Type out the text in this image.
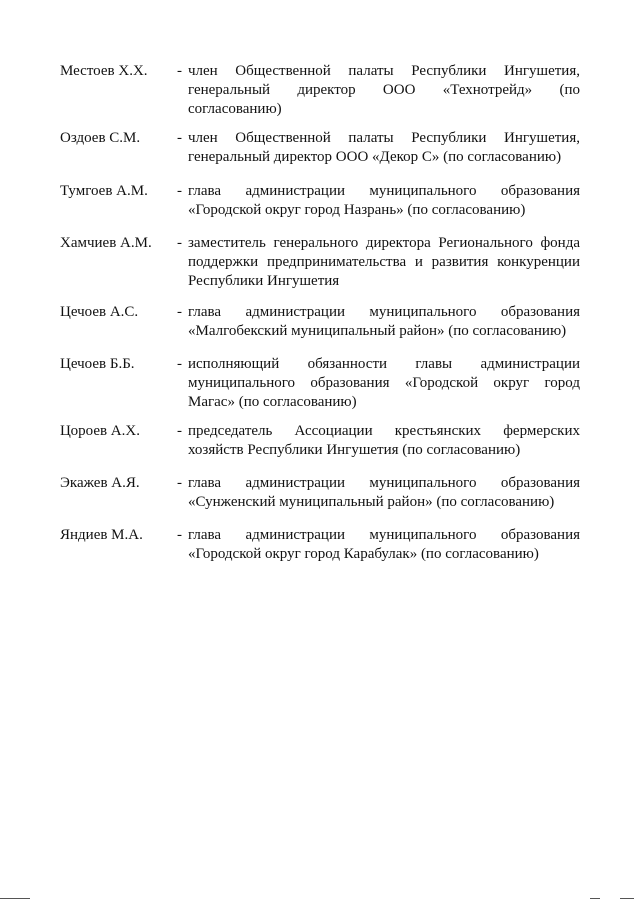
Местоев Х.Х.	- член Общественной палаты Республики Ингушетия,
генеральный директор ООО «Технотрейд» (по
согласованию)
Оздоев С.М.	- член Общественной палаты Республики Ингушетия,
генеральный директор ООО «Декор С» (по согласованию)
Тумгоев А.М.	- глава администрации муниципального образования
«Городской округ город Назрань» (по согласованию)
Хамчиев А.М.	- заместитель генерального директора Регионального фонда
поддержки предпринимательства и развития конкуренции
Республики Ингушетия
Цечоев А.С.	- глава администрации муниципального образования
«Малгобекский муниципальный район» (по согласованию)
Цечоев Б.Б.	- исполняющий обязанности главы администрации
муниципального образования «Городской округ город
Магас» (по согласованию)
Цороев А.Х.	- председатель Ассоциации крестьянских фермерских
хозяйств Республики Ингушетия (по согласованию)
Экажев А.Я.	- глава администрации муниципального образования
«Сунженский муниципальный район» (по согласованию)
Яндиев М.А.	- глава администрации муниципального образования
«Городской округ город Карабулак» (по согласованию)
